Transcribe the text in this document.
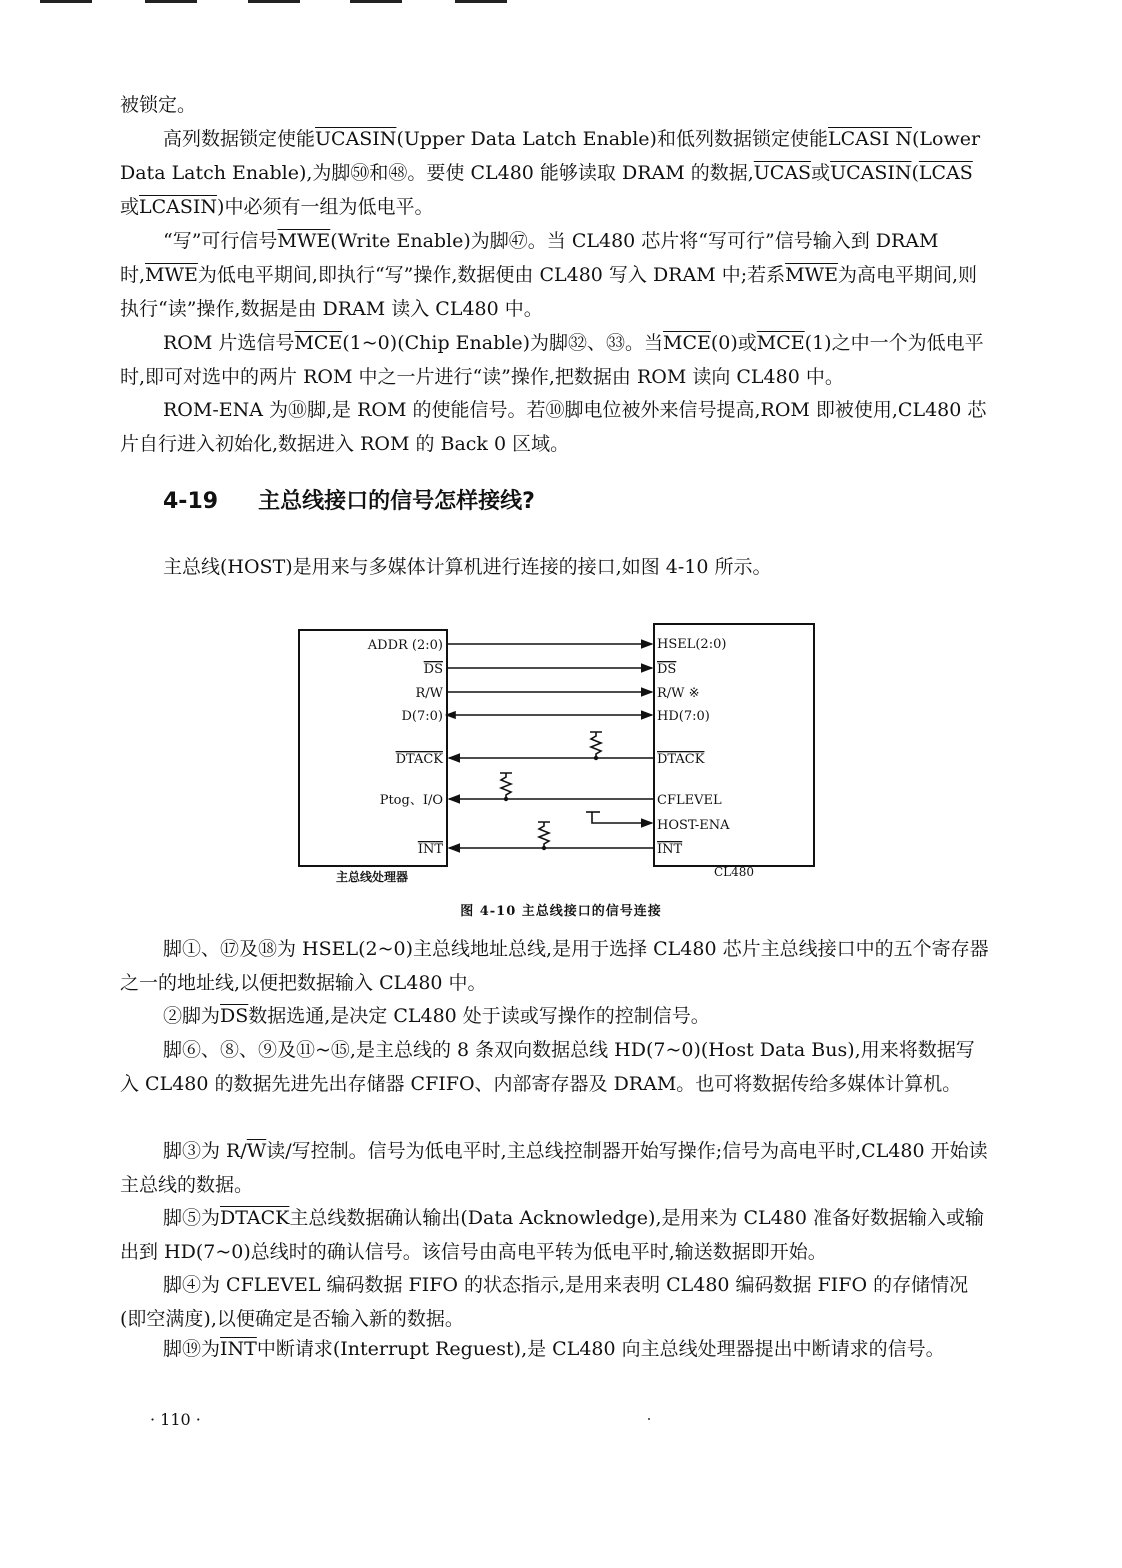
被锁定。

高列数据锁定使能UCASIN(Upper Data Latch Enable)和低列数据锁定使能LCASI N(Lower Data Latch Enable),为脚㊿和㊽。要使 CL480 能够读取 DRAM 的数据,UCAS或UCASIN(LCAS或LCASIN)中必须有一组为低电平。

“写”可行信号$\overline{MWE}(Write$ Enable)为脚㊼。当 CL480 芯片将“写可行”信号输入到 DRAM 时$,\overline{MWE}$为低电平期间,即执行“写”操作,数据便由 CL480 写入 DRAM 中;若系$\overline{MWE}$为高电平期间,则执行“读”操作,数据是由 DRAM 读入 CL480 中。

ROM 片选信号$\overline{MCE}(1\sim 0)(Chip$ Enable)为脚㉜、㉝。当$\overline{MCE}(0)$或$\overline{MCE}(1)$之中一个为低电平时,即可对选中的两片 ROM 中之一片进行“读”操作,把数据由 ROM 读向 CL480 中。

ROM-ENA 为⑩脚,是 ROM 的使能信号。若⑩脚电位被外来信号提高,ROM 即被使用,CL480 芯片自行进入初始化,数据进入 ROM 的 Back 0 区域。

4-19 主总线接口的信号怎样接线?

主总线(HOST)是用来与多媒体计算机进行连接的接口,如图 4-10 所示。

ADDR (2:0)
DS
R/W
D(7:0)
DTACK
Ptog、I/O
INT
HSEL(2:0)
DS
R/W ※
HD(7:0)
DTACK
CFLEVEL
HOST-ENA
INT
主总线处理器	CL480
图 4-10 主总线接口的信号连接

脚①、⑰及⑱为 HSEL(2~0)主总线地址总线,是用于选择 CL480 芯片主总线接口中的五个寄存器之一的地址线,以便把数据输入 CL480 中。

②脚为$\overline{DS}$数据选通,是决定 CL480 处于读或写操作的控制信号。

脚⑥、⑧、⑨及⑪~⑮,是主总线的 8 条双向数据总线 HD(7~0)(Host Data Bus),用来将数据写入 CL480 的数据先进先出存储器 CFIFO、内部寄存器及 DRAM。也可将数据传给多媒体计算机。

脚③为 $R/\overline{W}$读/写控制。信号为低电平时,主总线控制器开始写操作;信号为高电平时,CL480 开始读主总线的数据。

脚⑤为DTACK主总线数据确认输出(Data Acknowledge),是用来为 CL480 准备好数据输入或输出到 HD(7~0)总线时的确认信号。该信号由高电平转为低电平时,输送数据即开始。

脚④为 CFLEVEL 编码数据 FIFO 的状态指示,是用来表明 CL480 编码数据 FIFO 的存储情况(即空满度),以便确定是否输入新的数据。

脚⑲为$\overline{INT}$中断请求(Interrupt Reguest),是 CL480 向主总线处理器提出中断请求的信号。

· 110 ·
